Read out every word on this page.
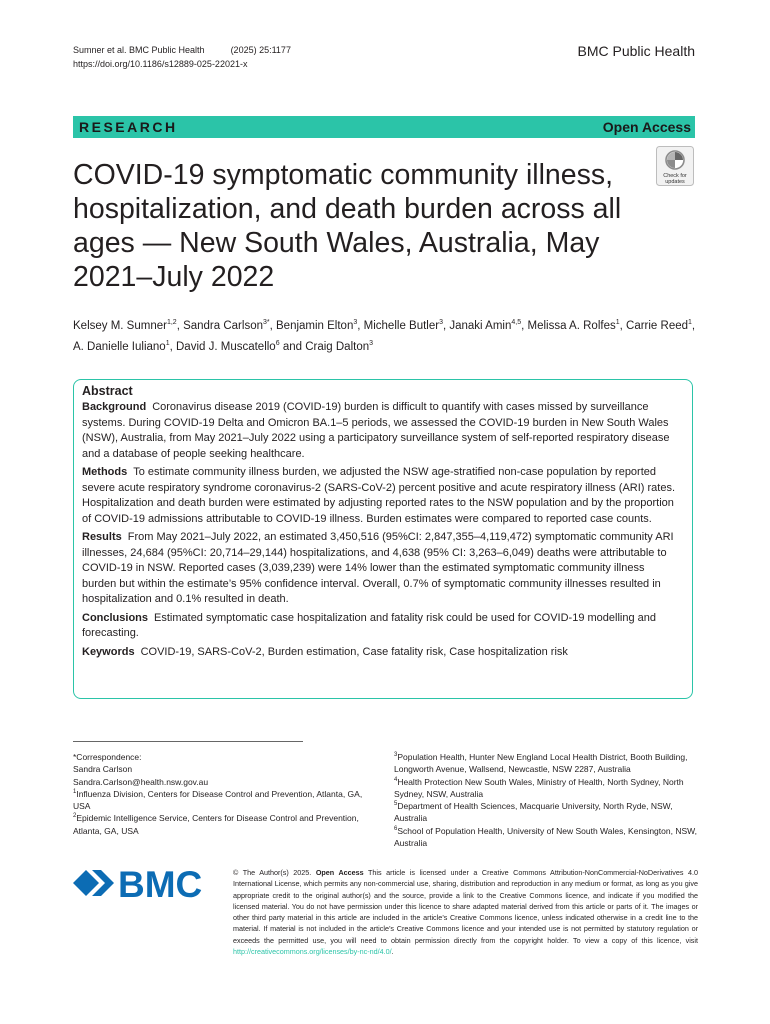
Sumner et al. BMC Public Health	(2025) 25:1177
https://doi.org/10.1186/s12889-025-22021-x
BMC Public Health
RESEARCH	Open Access
COVID-19 symptomatic community illness, hospitalization, and death burden across all ages — New South Wales, Australia, May 2021–July 2022
Check for
updates
Kelsey M. Sumner$^{1,2}$, Sandra Carlson$^{3*}$, Benjamin Elton$^3$, Michelle Butler$^3$, Janaki Amin$^{4,5}$, Melissa A. Rolfes$^1$, Carrie Reed$^1$, A. Danielle Iuliano$^1$, David J. Muscatello$^6$ and Craig Dalton$^3$
Abstract

Background Coronavirus disease 2019 (COVID-19) burden is difficult to quantify with cases missed by surveillance systems. During COVID-19 Delta and Omicron BA.1–5 periods, we assessed the COVID-19 burden in New South Wales (NSW), Australia, from May 2021–July 2022 using a participatory surveillance system of self-reported respiratory disease and a database of people seeking healthcare.

Methods To estimate community illness burden, we adjusted the NSW age-stratified non-case population by reported severe acute respiratory syndrome coronavirus-2 (SARS-CoV-2) percent positive and acute respiratory illness (ARI) rates. Hospitalization and death burden were estimated by adjusting reported rates to the NSW population and by the proportion of COVID-19 admissions attributable to COVID-19 illness. Burden estimates were compared to reported case counts.

Results From May 2021–July 2022, an estimated 3,450,516 (95%CI: 2,847,355–4,119,472) symptomatic community ARI illnesses, 24,684 (95%CI: 20,714–29,144) hospitalizations, and 4,638 (95% CI: 3,263–6,049) deaths were attributable to COVID-19 in NSW. Reported cases (3,039,239) were 14% lower than the estimated symptomatic community illness burden but within the estimate’s 95% confidence interval. Overall, 0.7% of symptomatic community illnesses resulted in hospitalization and 0.1% resulted in death.

Conclusions Estimated symptomatic case hospitalization and fatality risk could be used for COVID-19 modelling and forecasting.

Keywords COVID-19, SARS-CoV-2, Burden estimation, Case fatality risk, Case hospitalization risk

*Correspondence:
Sandra Carlson
Sandra.Carlson@health.nsw.gov.au
$^1$Influenza Division, Centers for Disease Control and Prevention, Atlanta, GA, USA
$^2$Epidemic Intelligence Service, Centers for Disease Control and Prevention, Atlanta, GA, USA
$^3$Population Health, Hunter New England Local Health District, Booth Building, Longworth Avenue, Wallsend, Newcastle, NSW 2287, Australia
$^4$Health Protection New South Wales, Ministry of Health, North Sydney, North Sydney, NSW, Australia
$^5$Department of Health Sciences, Macquarie University, North Ryde, NSW, Australia
$^6$School of Population Health, University of New South Wales, Kensington, NSW, Australia
BMC	© The Author(s) 2025. Open Access This article is licensed under a Creative Commons Attribution-NonCommercial-NoDerivatives 4.0 International License, which permits any non-commercial use, sharing, distribution and reproduction in any medium or format, as long as you give appropriate credit to the original author(s) and the source, provide a link to the Creative Commons licence, and indicate if you modified the licensed material. You do not have permission under this licence to share adapted material derived from this article or parts of it. The images or other third party material in this article are included in the article’s Creative Commons licence, unless indicated otherwise in a credit line to the material. If material is not included in the article’s Creative Commons licence and your intended use is not permitted by statutory regulation or exceeds the permitted use, you will need to obtain permission directly from the copyright holder. To view a copy of this licence, visit http://creativecommons.org/licenses/by-nc-nd/4.0/.
